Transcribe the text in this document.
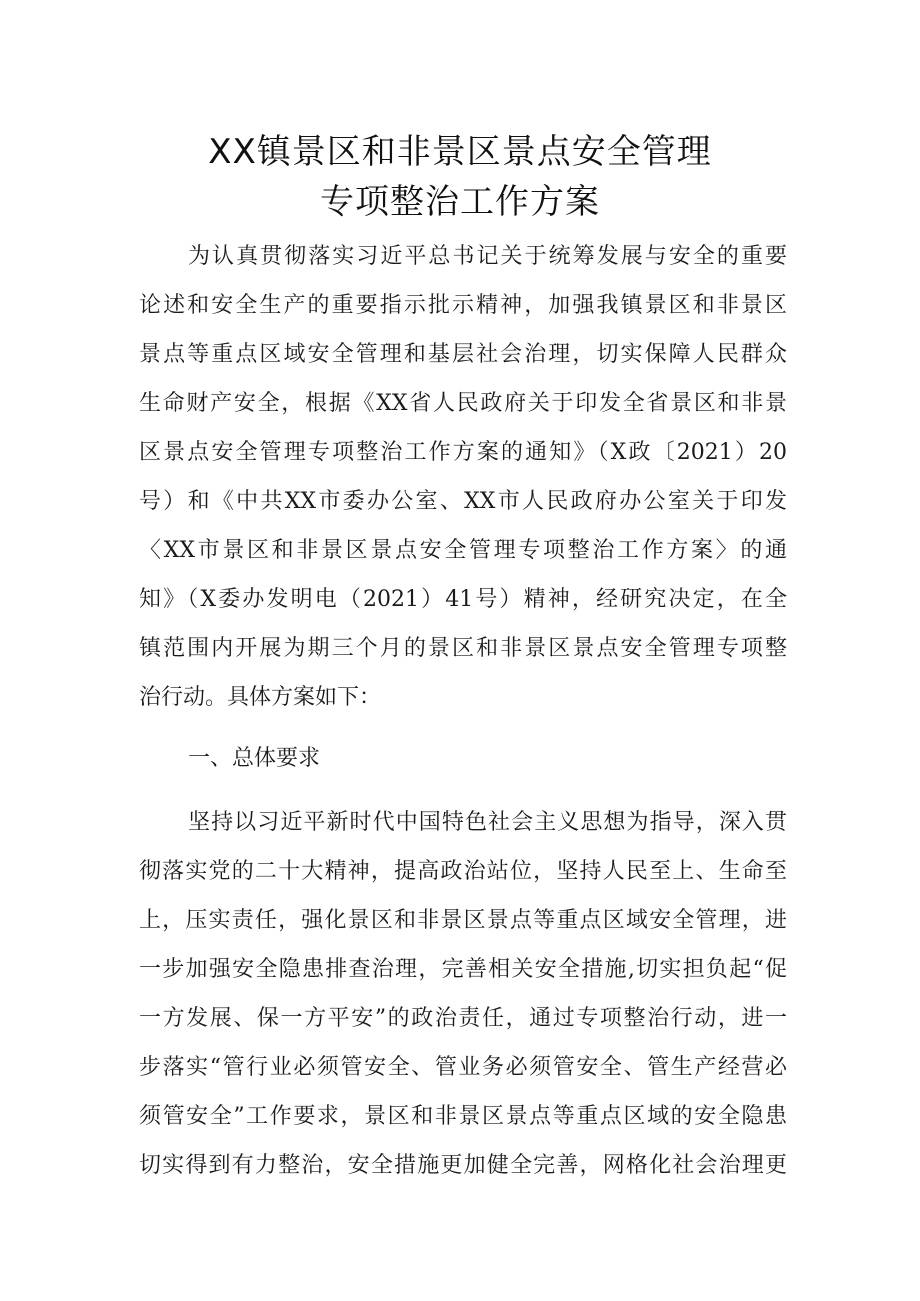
XX镇景区和非景区景点安全管理
专项整治工作方案
为认真贯彻落实习近平总书记关于统筹发展与安全的重要
论述和安全生产的重要指示批示精神，加强我镇景区和非景区
景点等重点区域安全管理和基层社会治理，切实保障人民群众
生命财产安全，根据《XX省人民政府关于印发全省景区和非景
区景点安全管理专项整治工作方案的通知》（X政〔2021）20
号）和《中共XX市委办公室、XX市人民政府办公室关于印发
〈XX市景区和非景区景点安全管理专项整治工作方案〉的通
知》（X委办发明电（2021）41号）精神，经研究决定，在全
镇范围内开展为期三个月的景区和非景区景点安全管理专项整
治行动。具体方案如下：
一、总体要求
坚持以习近平新时代中国特色社会主义思想为指导，深入贯
彻落实党的二十大精神，提高政治站位，坚持人民至上、生命至
上，压实责任，强化景区和非景区景点等重点区域安全管理，进
一步加强安全隐患排查治理，完善相关安全措施,切实担负起“促
一方发展、保一方平安”的政治责任，通过专项整治行动，进一
步落实“管行业必须管安全、管业务必须管安全、管生产经营必
须管安全”工作要求，景区和非景区景点等重点区域的安全隐患
切实得到有力整治，安全措施更加健全完善，网格化社会治理更
